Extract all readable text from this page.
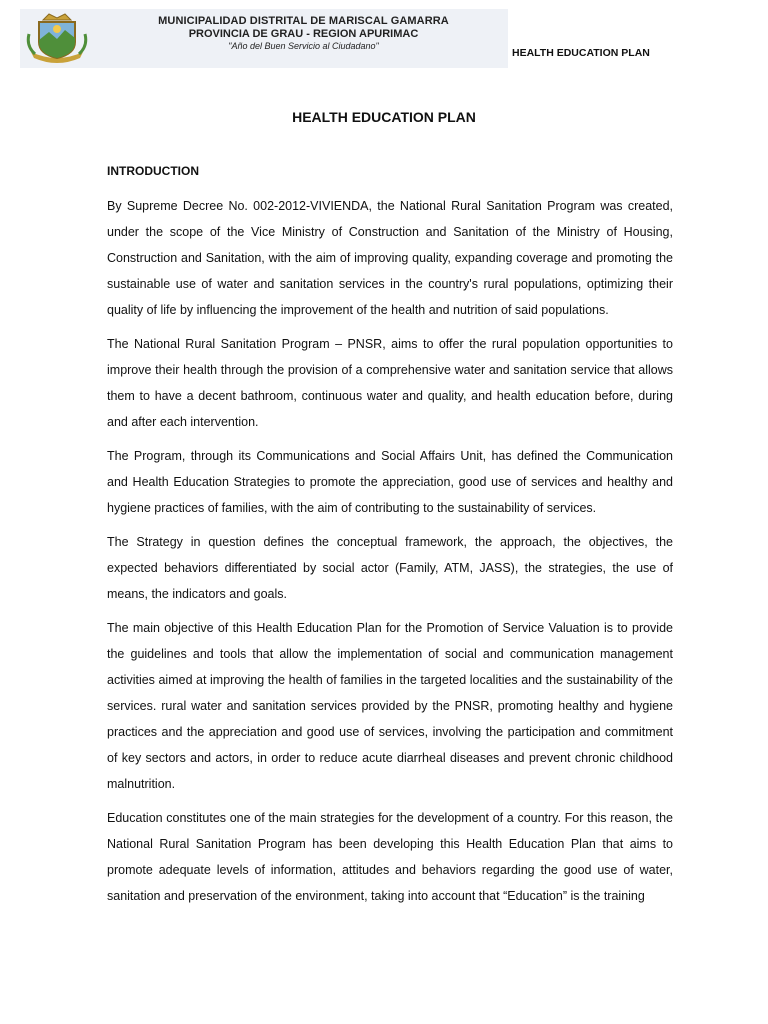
MUNICIPALIDAD DISTRITAL DE MARISCAL GAMARRA
PROVINCIA DE GRAU - REGION APURIMAC
"Año del Buen Servicio al Ciudadano"
HEALTH EDUCATION PLAN
HEALTH EDUCATION PLAN
INTRODUCTION

By Supreme Decree No. 002-2012-VIVIENDA, the National Rural Sanitation Program was created, under the scope of the Vice Ministry of Construction and Sanitation of the Ministry of Housing, Construction and Sanitation, with the aim of improving quality, expanding coverage and promoting the sustainable use of water and sanitation services in the country's rural populations, optimizing their quality of life by influencing the improvement of the health and nutrition of said populations.

The National Rural Sanitation Program – PNSR, aims to offer the rural population opportunities to improve their health through the provision of a comprehensive water and sanitation service that allows them to have a decent bathroom, continuous water and quality, and health education before, during and after each intervention.

The Program, through its Communications and Social Affairs Unit, has defined the Communication and Health Education Strategies to promote the appreciation, good use of services and healthy and hygiene practices of families, with the aim of contributing to the sustainability of services.

The Strategy in question defines the conceptual framework, the approach, the objectives, the expected behaviors differentiated by social actor (Family, ATM, JASS), the strategies, the use of means, the indicators and goals.

The main objective of this Health Education Plan for the Promotion of Service Valuation is to provide the guidelines and tools that allow the implementation of social and communication management activities aimed at improving the health of families in the targeted localities and the sustainability of the services. rural water and sanitation services provided by the PNSR, promoting healthy and hygiene practices and the appreciation and good use of services, involving the participation and commitment of key sectors and actors, in order to reduce acute diarrheal diseases and prevent chronic childhood malnutrition.

Education constitutes one of the main strategies for the development of a country. For this reason, the National Rural Sanitation Program has been developing this Health Education Plan that aims to promote adequate levels of information, attitudes and behaviors regarding the good use of water, sanitation and preservation of the environment, taking into account that “Education” is the training
